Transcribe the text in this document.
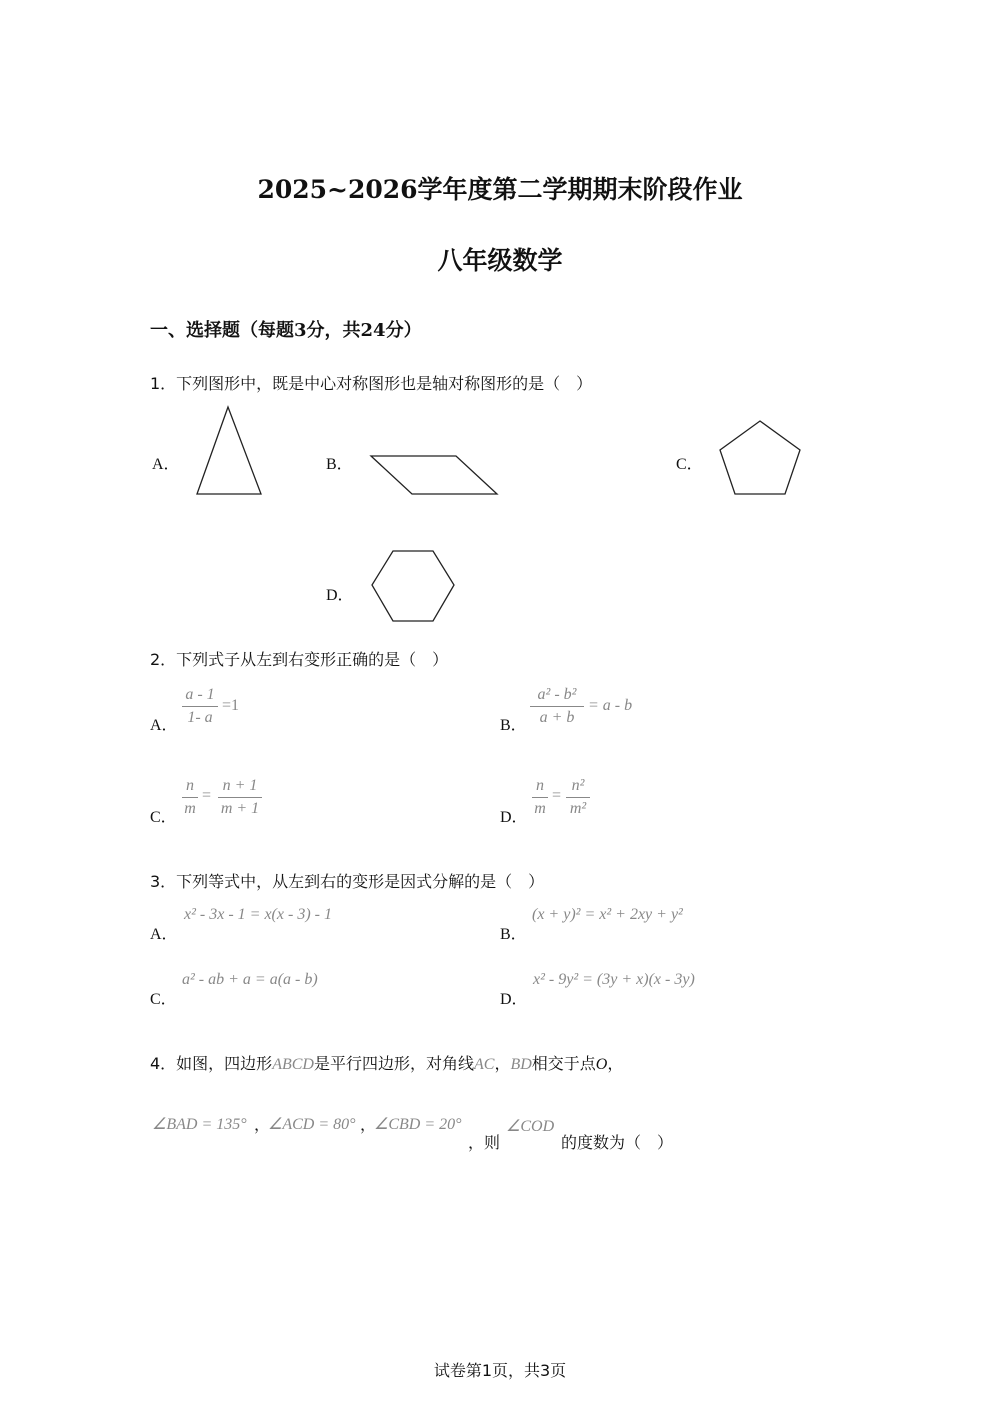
2025~2026学年度第二学期期末阶段作业
八年级数学
一、选择题（每题3分，共24分）
1．下列图形中，既是中心对称图形也是轴对称图形的是（　）
A．	B．	C．
D．
2．下列式子从左到右变形正确的是（　）
A．
a - 1
1- a
=1
B．
a² - b²
a + b
= a - b
C．
n
m
=
n + 1
m + 1
D．
n
m
=
n²
m²
3．下列等式中，从左到右的变形是因式分解的是（　）
A．
x² - 3x - 1 = x(x - 3) - 1
B．
(x + y)² = x² + 2xy + y²
C．
a² - ab + a = a(a - b)
D．
x² - 9y² = (3y + x)(x - 3y)
4．如图，四边形ABCD是平行四边形，对角线AC，BD相交于点O，
∠BAD = 135° ，
∠ACD = 80° ，
∠CBD = 20°
，则
∠COD
的度数为（　）
试卷第1页，共3页
